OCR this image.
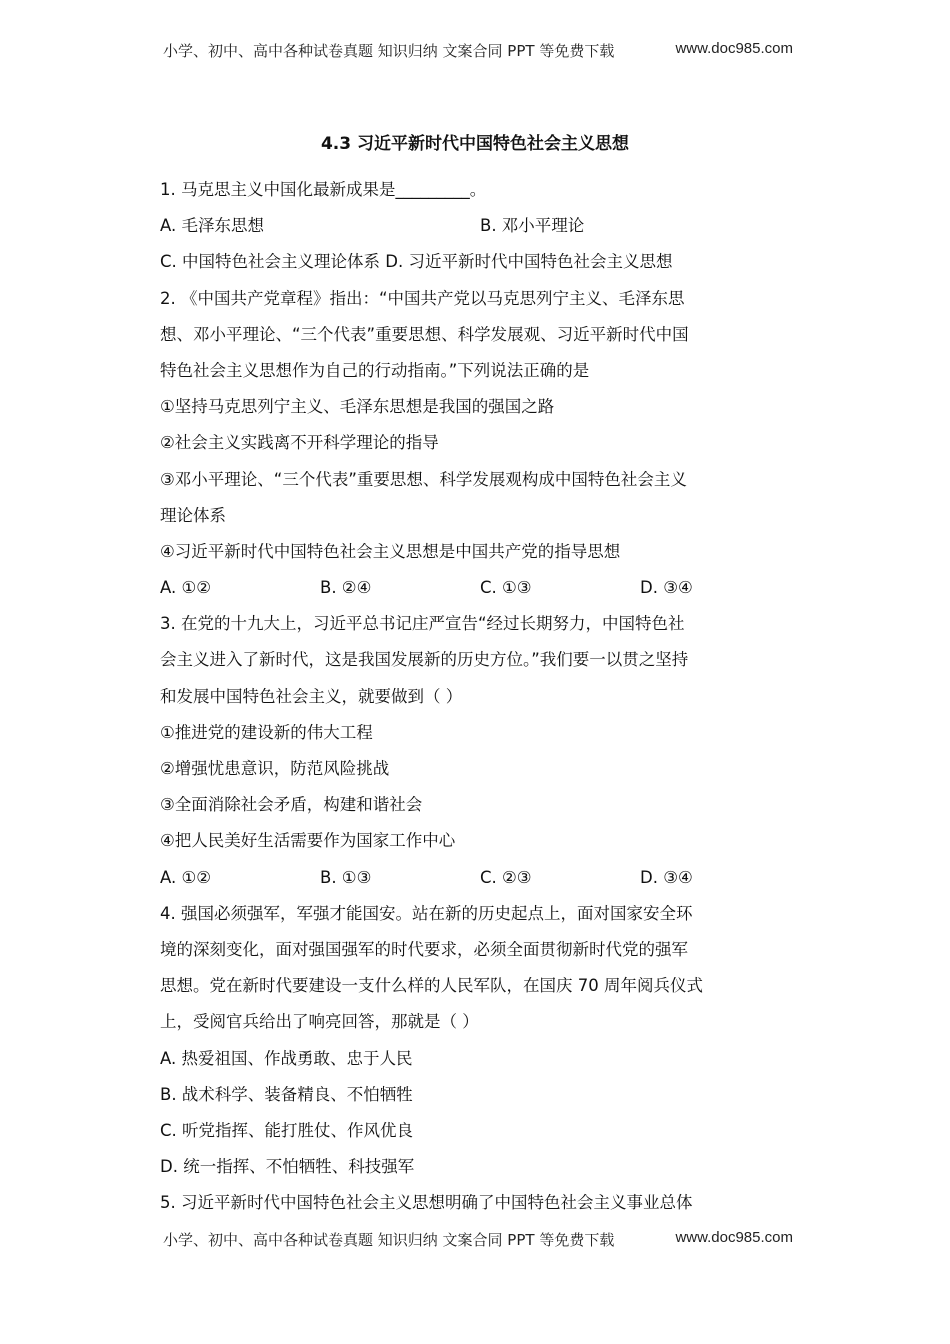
小学、初中、高中各种试卷真题 知识归纳 文案合同 PPT 等免费下载	www.doc985.com
4.3 习近平新时代中国特色社会主义思想
1. 马克思主义中国化最新成果是_________。
A. 毛泽东思想	B. 邓小平理论
C. 中国特色社会主义理论体系 D. 习近平新时代中国特色社会主义思想
2. 《中国共产党章程》指出：“中国共产党以马克思列宁主义、毛泽东思
想、邓小平理论、“三个代表”重要思想、科学发展观、习近平新时代中国
特色社会主义思想作为自己的行动指南。”下列说法正确的是
①坚持马克思列宁主义、毛泽东思想是我国的强国之路
②社会主义实践离不开科学理论的指导
③邓小平理论、“三个代表”重要思想、科学发展观构成中国特色社会主义
理论体系
④习近平新时代中国特色社会主义思想是中国共产党的指导思想
A. ①②	B. ②④	C. ①③	D. ③④
3. 在党的十九大上，习近平总书记庄严宣告“经过长期努力，中国特色社
会主义进入了新时代，这是我国发展新的历史方位。”我们要一以贯之坚持
和发展中国特色社会主义，就要做到（ ）
①推进党的建设新的伟大工程
②增强忧患意识，防范风险挑战
③全面消除社会矛盾，构建和谐社会
④把人民美好生活需要作为国家工作中心
A. ①②	B. ①③	C. ②③	D. ③④
4. 强国必须强军，军强才能国安。站在新的历史起点上，面对国家安全环
境的深刻变化，面对强国强军的时代要求，必须全面贯彻新时代党的强军
思想。党在新时代要建设一支什么样的人民军队，在国庆 70 周年阅兵仪式
上，受阅官兵给出了响亮回答，那就是（ ）
A. 热爱祖国、作战勇敢、忠于人民
B. 战术科学、装备精良、不怕牺牲
C. 听党指挥、能打胜仗、作风优良
D. 统一指挥、不怕牺牲、科技强军
5. 习近平新时代中国特色社会主义思想明确了中国特色社会主义事业总体
小学、初中、高中各种试卷真题 知识归纳 文案合同 PPT 等免费下载	www.doc985.com
